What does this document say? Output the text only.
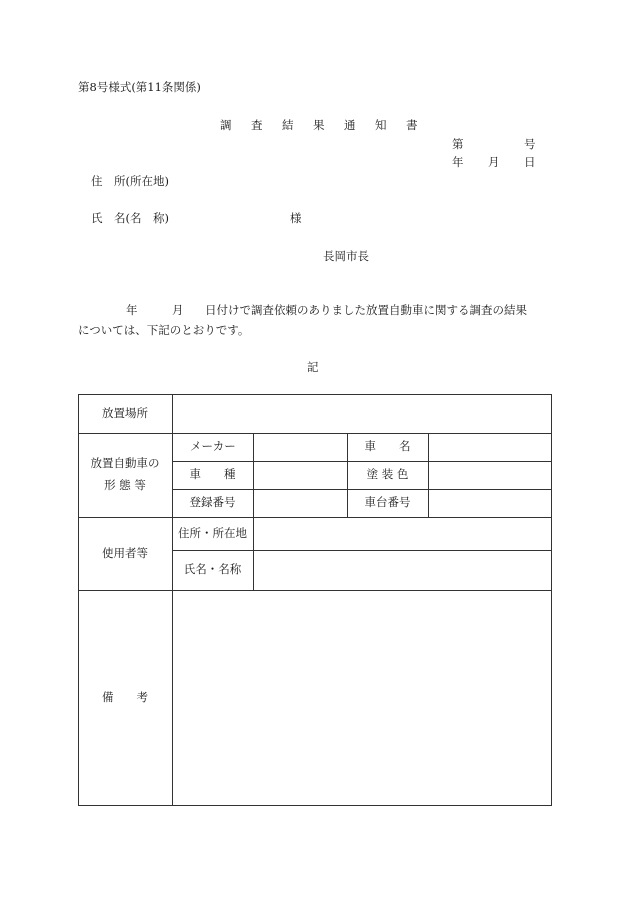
第8号様式(第11条関係)
調　査　結　果　通　知　書
第	号
年 月 日
住　所(所在地)
氏　名(名　称)	様
長岡市長
年	月 日付けで調査依頼のありました放置自動車に関する調査の結果
については、下記のとおりです。
記
放置場所
放置自動車の
形 態 等
メーカー	車　　名
車　　種	塗 装 色
登録番号	車台番号
使用者等
住所・所在地
氏名・名称
備　　考
